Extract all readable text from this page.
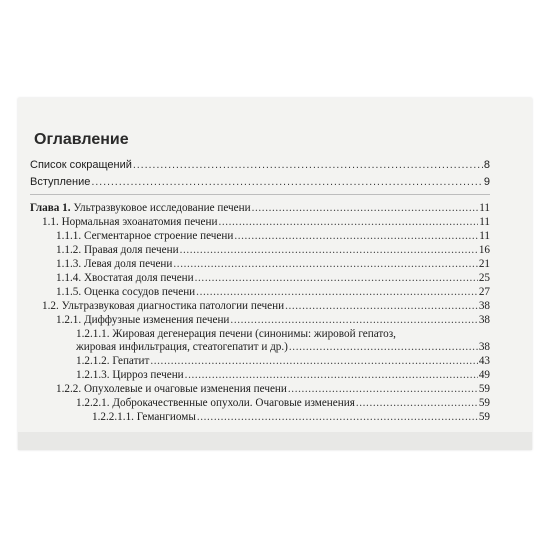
Оглавление
Список сокращений . . .	8
Вступление . . .	9
Глава 1. Ультразвуковое исследование печени . . .	11
1.1. Нормальная эхоанатомия печени . . .	11
1.1.1. Сегментарное строение печени . . .	11
1.1.2. Правая доля печени . . .	16
1.1.3. Левая доля печени . . .	21
1.1.4. Хвостатая доля печени . . .	25
1.1.5. Оценка сосудов печени . . .	27
1.2. Ультразвуковая диагностика патологии печени . . .	38
1.2.1. Диффузные изменения печени . . .	38
1.2.1.1. Жировая дегенерация печени (синонимы: жировой гепатоз,
жировая инфильтрация, стеатогепатит и др.) . . .	38
1.2.1.2. Гепатит . . .	43
1.2.1.3. Цирроз печени . . .	49
1.2.2. Опухолевые и очаговые изменения печени . . .	59
1.2.2.1. Доброкачественные опухоли. Очаговые изменения . . .	59
1.2.2.1.1. Гемангиомы . . .	59
